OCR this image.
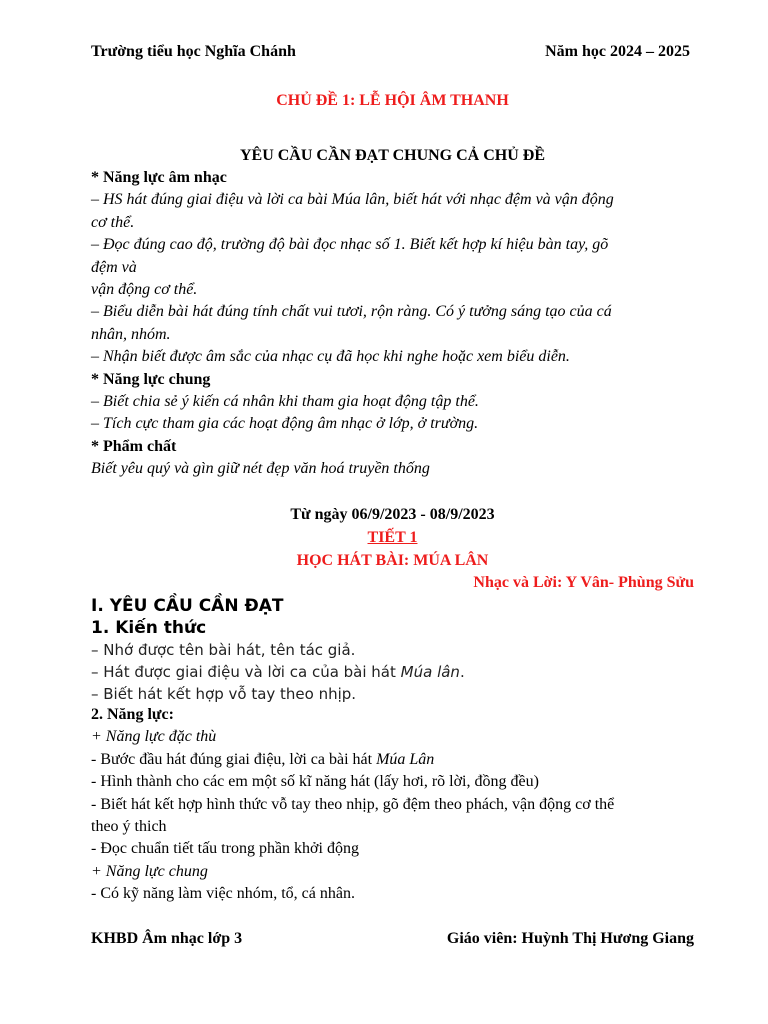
Trường tiểu học Nghĩa Chánh	Năm học 2024 – 2025
CHỦ ĐỀ 1: LỄ HỘI ÂM THANH
YÊU CẦU CẦN ĐẠT CHUNG CẢ CHỦ ĐỀ
* Năng lực âm nhạc
– HS hát đúng giai điệu và lời ca bài Múa lân, biết hát với nhạc đệm và vận động
cơ thể.
– Đọc đúng cao độ, trường độ bài đọc nhạc số 1. Biết kết hợp kí hiệu bàn tay, gõ
đệm và
vận động cơ thể.
– Biểu diễn bài hát đúng tính chất vui tươi, rộn ràng. Có ý tưởng sáng tạo của cá
nhân, nhóm.
– Nhận biết được âm sắc của nhạc cụ đã học khi nghe hoặc xem biểu diễn.
* Năng lực chung
– Biết chia sẻ ý kiến cá nhân khi tham gia hoạt động tập thể.
– Tích cực tham gia các hoạt động âm nhạc ở lớp, ở trường.
* Phẩm chất
Biết yêu quý và gìn giữ nét đẹp văn hoá truyền thống
Từ ngày 06/9/2023 - 08/9/2023
TIẾT 1
HỌC HÁT BÀI: MÚA LÂN
Nhạc và Lời: Y Vân- Phùng Sửu
I. YÊU CẦU CẦN ĐẠT
1. Kiến thức
– Nhớ được tên bài hát, tên tác giả.
– Hát được giai điệu và lời ca của bài hát Múa lân.
– Biết hát kết hợp vỗ tay theo nhịp.
2. Năng lực:
+ Năng lực đặc thù
- Bước đầu hát đúng giai điệu, lời ca bài hát Múa Lân
- Hình thành cho các em một số kĩ năng hát (lấy hơi, rõ lời, đồng đều)
- Biết hát kết hợp hình thức vỗ tay theo nhịp, gõ đệm theo phách, vận động cơ thể
theo ý thich
- Đọc chuẩn tiết tấu trong phần khởi động
+ Năng lực chung
- Có kỹ năng làm việc nhóm, tổ, cá nhân.
KHBD Âm nhạc lớp 3	Giáo viên: Huỳnh Thị Hương Giang
